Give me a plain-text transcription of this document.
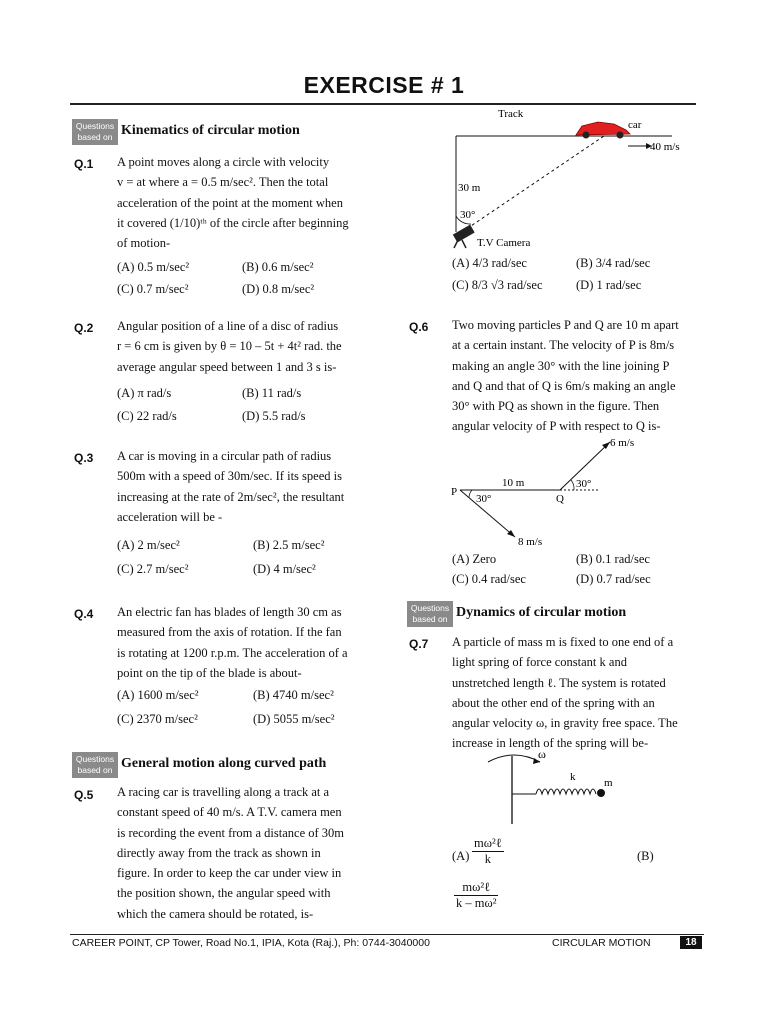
EXERCISE # 1
Questions based on Kinematics of circular motion
Q.1 A point moves along a circle with velocity
v = at where a = 0.5 m/sec². Then the total
acceleration of the point at the moment when
it covered (1/10)ᵗʰ of the circle after beginning
of motion-
(A) 0.5 m/sec²	(B) 0.6 m/sec²
(C) 0.7 m/sec²	(D) 0.8 m/sec²
Q.2 Angular position of a line of a disc of radius
r = 6 cm is given by θ = 10 – 5t + 4t² rad. the
average angular speed between 1 and 3 s is-
(A) π rad/s	(B) 11 rad/s
(C) 22 rad/s	(D) 5.5 rad/s
Q.3 A car is moving in a circular path of radius
500m with a speed of 30m/sec. If its speed is
increasing at the rate of 2m/sec², the resultant
acceleration will be -
(A) 2 m/sec²	(B) 2.5 m/sec²
(C) 2.7 m/sec²	(D) 4 m/sec²
Q.4 An electric fan has blades of length 30 cm as
measured from the axis of rotation. If the fan
is rotating at 1200 r.p.m. The acceleration of a
point on the tip of the blade is about-
(A) 1600 m/sec²	(B) 4740 m/sec²
(C) 2370 m/sec²	(D) 5055 m/sec²
Questions based on General motion along curved path
Q.5 A racing car is travelling along a track at a
constant speed of 40 m/s. A T.V. camera men
is recording the event from a distance of 30m
directly away from the track as shown in
figure. In order to keep the car under view in
the position shown, the angular speed with
which the camera should be rotated, is-
Track
car
40 m/s
30 m
30°
T.V Camera
(A) 4/3 rad/sec	(B) 3/4 rad/sec
(C) 8/3 √3 rad/sec	(D) 1 rad/sec
Q.6 Two moving particles P and Q are 10 m apart
at a certain instant. The velocity of P is 8m/s
making an angle 30° with the line joining P
and Q and that of Q is 6m/s making an angle
30° with PQ as shown in the figure. Then
angular velocity of P with respect to Q is-
P
Q
10 m
30°
30°
6 m/s
8 m/s
(A) Zero	(B) 0.1 rad/sec
(C) 0.4 rad/sec	(D) 0.7 rad/sec
Questions based on Dynamics of circular motion
Q.7 A particle of mass m is fixed to one end of a
light spring of force constant k and
unstretched length ℓ. The system is rotated
about the other end of the spring with an
angular velocity ω, in gravity free space. The
increase in length of the spring will be-
ω
k	m
(A)
mω²ℓ
k	(B)
mω²ℓ
k – mω²
CAREER POINT, CP Tower, Road No.1, IPIA, Kota (Raj.), Ph: 0744-3040000	CIRCULAR MOTION	18
